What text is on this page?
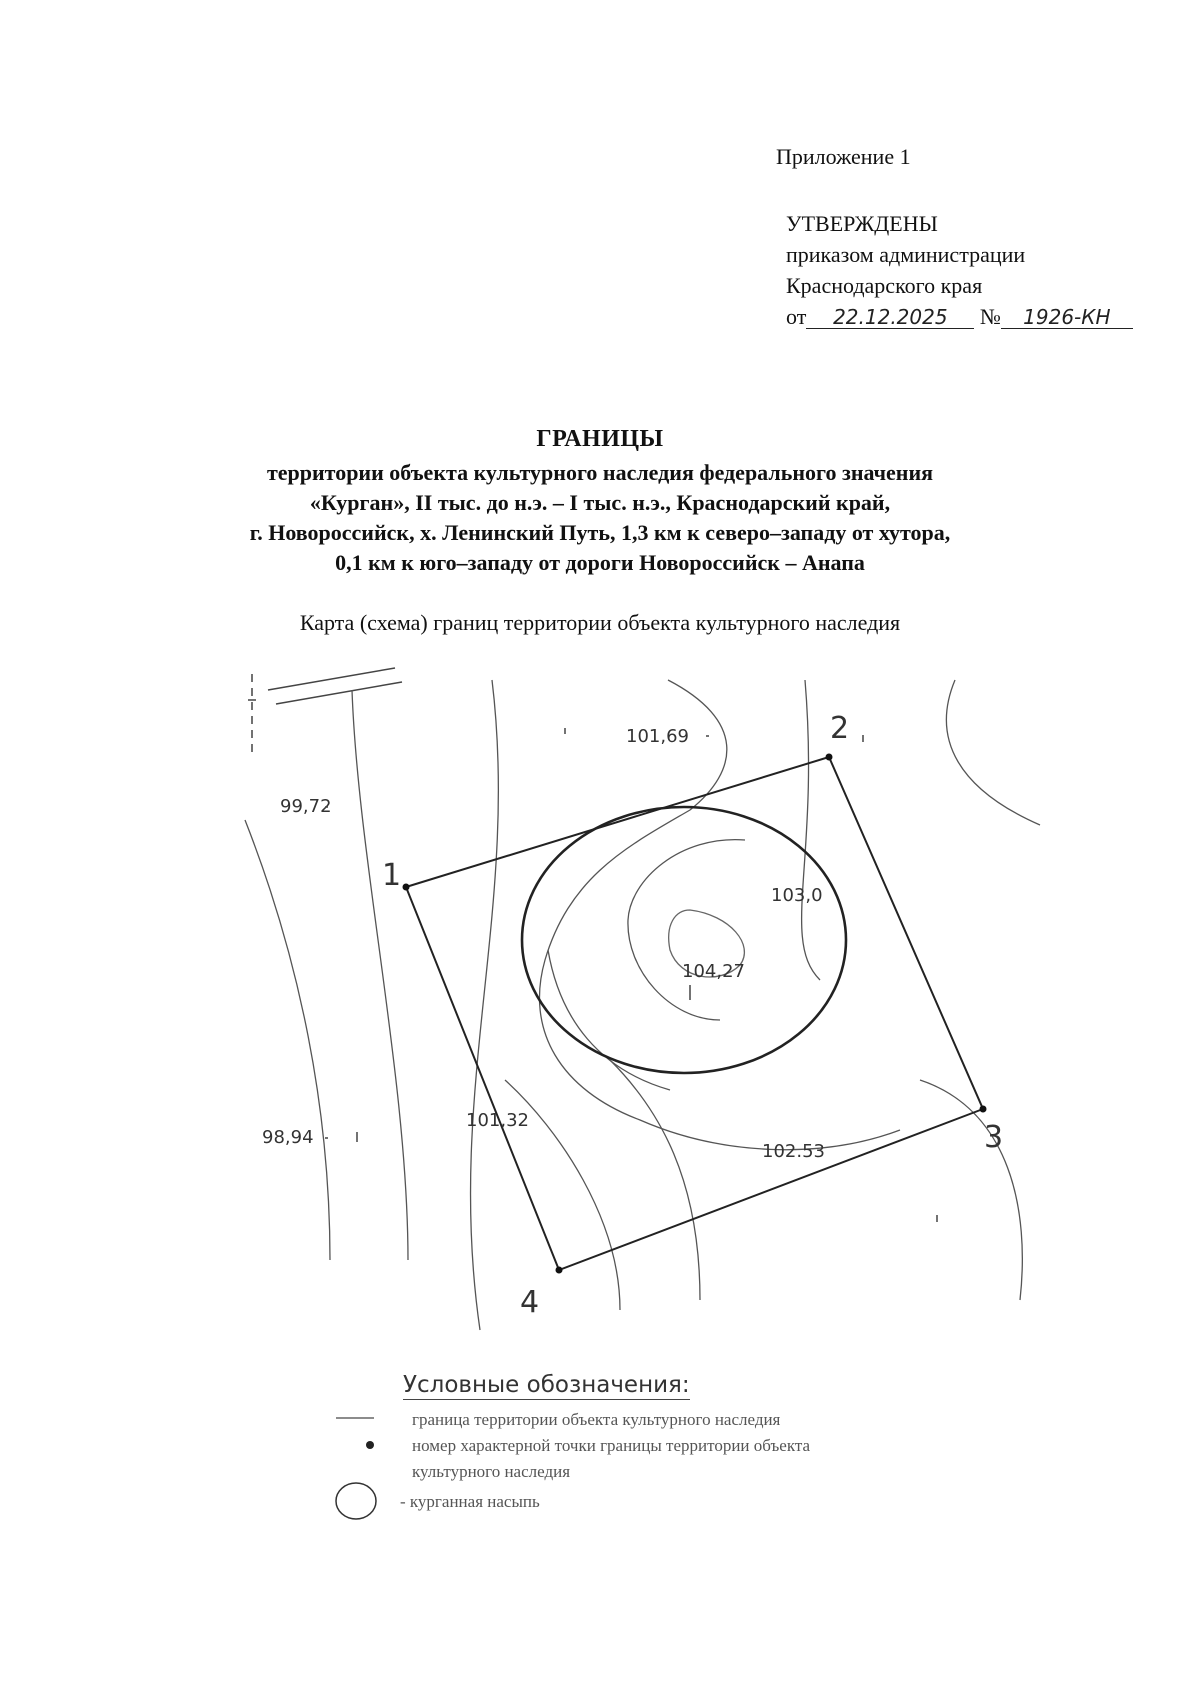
Приложение 1
УТВЕРЖДЕНЫ
приказом администрации
Краснодарского края
от 22.12.2025 № 1926-КН
ГРАНИЦЫ
территории объекта культурного наследия федерального значения
«Курган», II тыс. до н.э. – I тыс. н.э., Краснодарский край,
г. Новороссийск, х. Ленинский Путь, 1,3 км к северо–западу от хутора,
0,1 км к юго–западу от дороги Новороссийск – Анапа
Карта (схема) границ территории объекта культурного наследия
1
2
3
4
101,69
99,72
103,0
104,27
101,32
98,94
102.53
Условные обозначения:
граница территории объекта культурного наследия
номер характерной точки границы территории объекта
культурного наследия
- курганная насыпь
